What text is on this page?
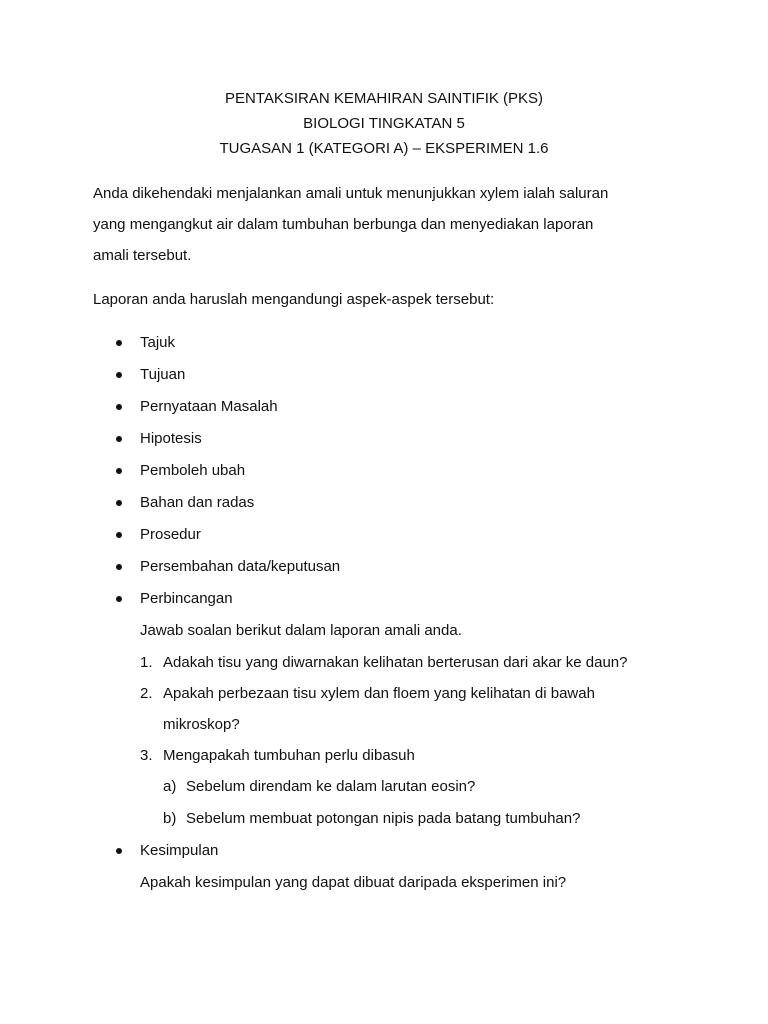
PENTAKSIRAN KEMAHIRAN SAINTIFIK (PKS)
BIOLOGI TINGKATAN 5
TUGASAN 1 (KATEGORI A) – EKSPERIMEN 1.6
Anda dikehendaki menjalankan amali untuk menunjukkan xylem ialah saluran
yang mengangkut air dalam tumbuhan berbunga dan menyediakan laporan
amali tersebut.
Laporan anda haruslah mengandungi aspek-aspek tersebut:
Tajuk
Tujuan
Pernyataan Masalah
Hipotesis
Pemboleh ubah
Bahan dan radas
Prosedur
Persembahan data/keputusan
Perbincangan
Jawab soalan berikut dalam laporan amali anda.
1. Adakah tisu yang diwarnakan kelihatan berterusan dari akar ke daun?
2. Apakah perbezaan tisu xylem dan floem yang kelihatan di bawah
mikroskop?
3. Mengapakah tumbuhan perlu dibasuh
a) Sebelum direndam ke dalam larutan eosin?
b) Sebelum membuat potongan nipis pada batang tumbuhan?
Kesimpulan
Apakah kesimpulan yang dapat dibuat daripada eksperimen ini?
